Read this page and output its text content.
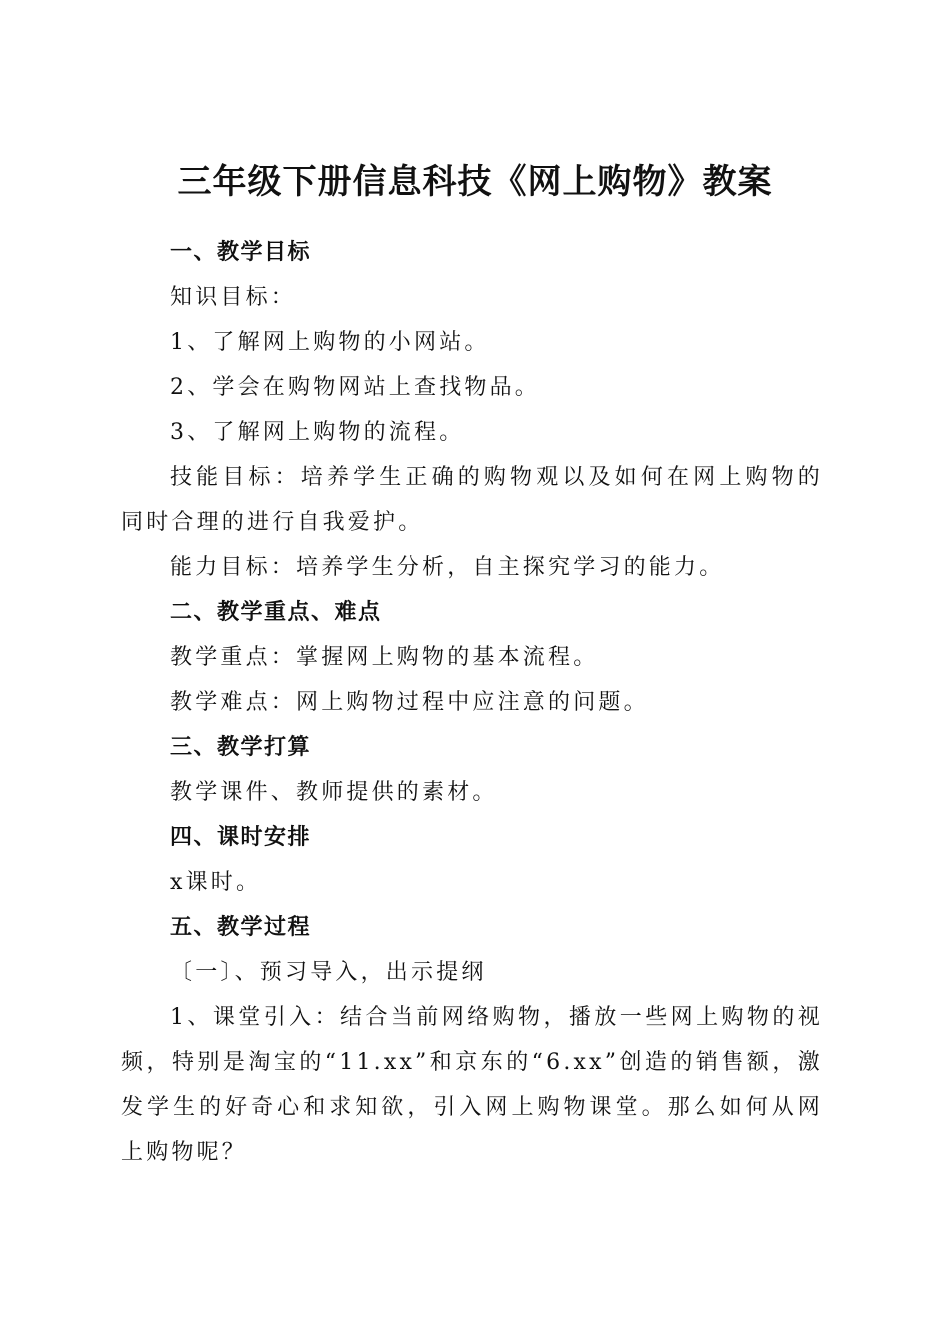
三年级下册信息科技《网上购物》教案

一、教学目标

知识目标：

1、了解网上购物的小网站。

2、学会在购物网站上查找物品。

3、了解网上购物的流程。

技能目标：培养学生正确的购物观以及如何在网上购物的同时合理的进行自我爱护。

能力目标：培养学生分析，自主探究学习的能力。

二、教学重点、难点

教学重点：掌握网上购物的基本流程。

教学难点：网上购物过程中应注意的问题。

三、教学打算

教学课件、教师提供的素材。

四、课时安排

x课时。

五、教学过程

〔一〕、预习导入，出示提纲

1、课堂引入：结合当前网络购物，播放一些网上购物的视频，特别是淘宝的“11.xx”和京东的“6.xx”创造的销售额，激发学生的好奇心和求知欲，引入网上购物课堂。那么如何从网上购物呢？
